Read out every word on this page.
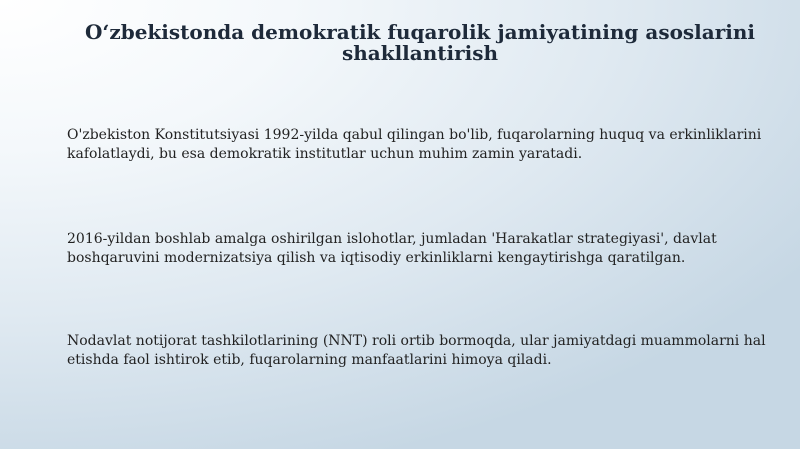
O‘zbekistonda demokratik fuqarolik jamiyatining asoslarini shakllantirish

O'zbekiston Konstitutsiyasi 1992-yilda qabul qilingan bo'lib, fuqarolarning huquq va erkinliklarini kafolatlaydi, bu esa demokratik institutlar uchun muhim zamin yaratadi.

2016-yildan boshlab amalga oshirilgan islohotlar, jumladan 'Harakatlar strategiyasi', davlat boshqaruvini modernizatsiya qilish va iqtisodiy erkinliklarni kengaytirishga qaratilgan.

Nodavlat notijorat tashkilotlarining (NNT) roli ortib bormoqda, ular jamiyatdagi muammolarni hal etishda faol ishtirok etib, fuqarolarning manfaatlarini himoya qiladi.
